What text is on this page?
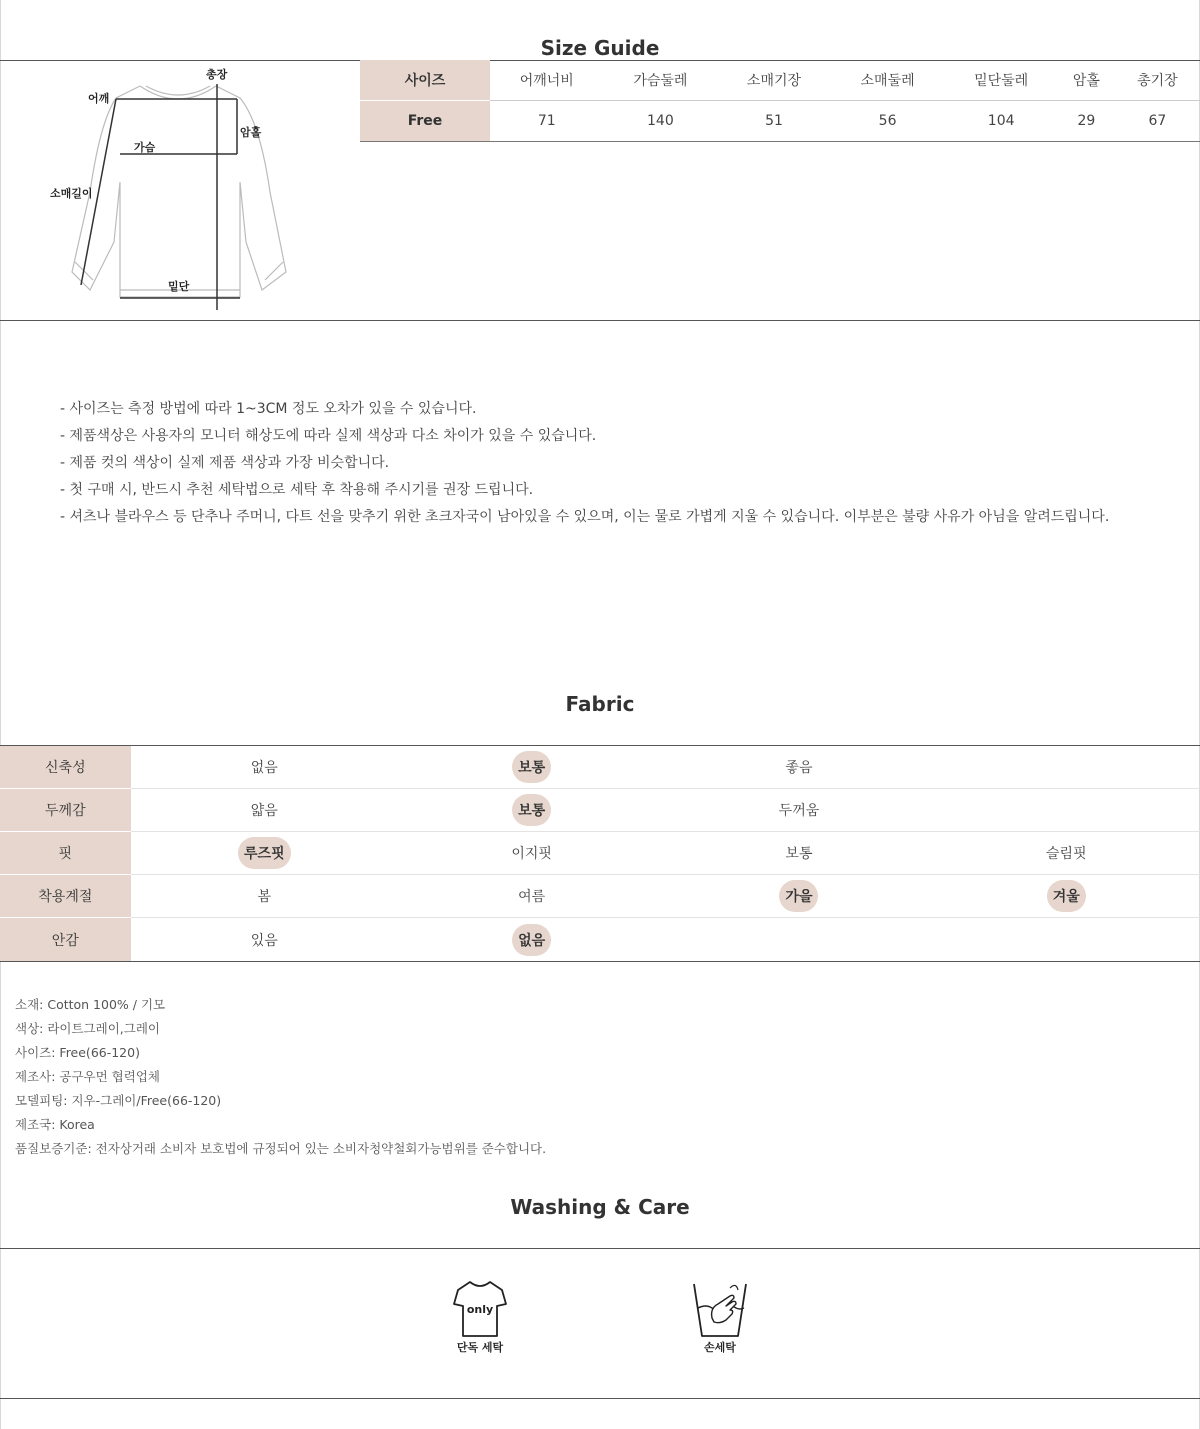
Size Guide
총장
어깨
암홀
가슴
소매길이
밑단
사이즈	어깨너비	가슴둘레	소매기장	소매둘레	밑단둘레	암홀	총기장
Free	71	140	51	56	104	29	67
- 사이즈는 측정 방법에 따라 1~3CM 정도 오차가 있을 수 있습니다.
- 제품색상은 사용자의 모니터 해상도에 따라 실제 색상과 다소 차이가 있을 수 있습니다.
- 제품 컷의 색상이 실제 제품 색상과 가장 비슷합니다.
- 첫 구매 시, 반드시 추천 세탁법으로 세탁 후 착용해 주시기를 권장 드립니다.
- 셔츠나 블라우스 등 단추나 주머니, 다트 선을 맞추기 위한 초크자국이 남아있을 수 있으며, 이는 물로 가볍게 지울 수 있습니다. 이부분은 불량 사유가 아님을 알려드립니다.
Fabric
신축성	없음	보통	좋음	
두께감	얇음	보통	두꺼움	
핏	루즈핏	이지핏	보통	슬림핏
착용계절	봄	여름	가을	겨울
안감	있음	없음		
소재: Cotton 100% / 기모
색상: 라이트그레이,그레이
사이즈: Free(66-120)
제조사: 공구우먼 협력업체
모델피팅: 지우-그레이/Free(66-120)
제조국: Korea
품질보증기준: 전자상거래 소비자 보호법에 규정되어 있는 소비자청약철회가능범위를 준수합니다.
Washing & Care
only
단독 세탁	손세탁
